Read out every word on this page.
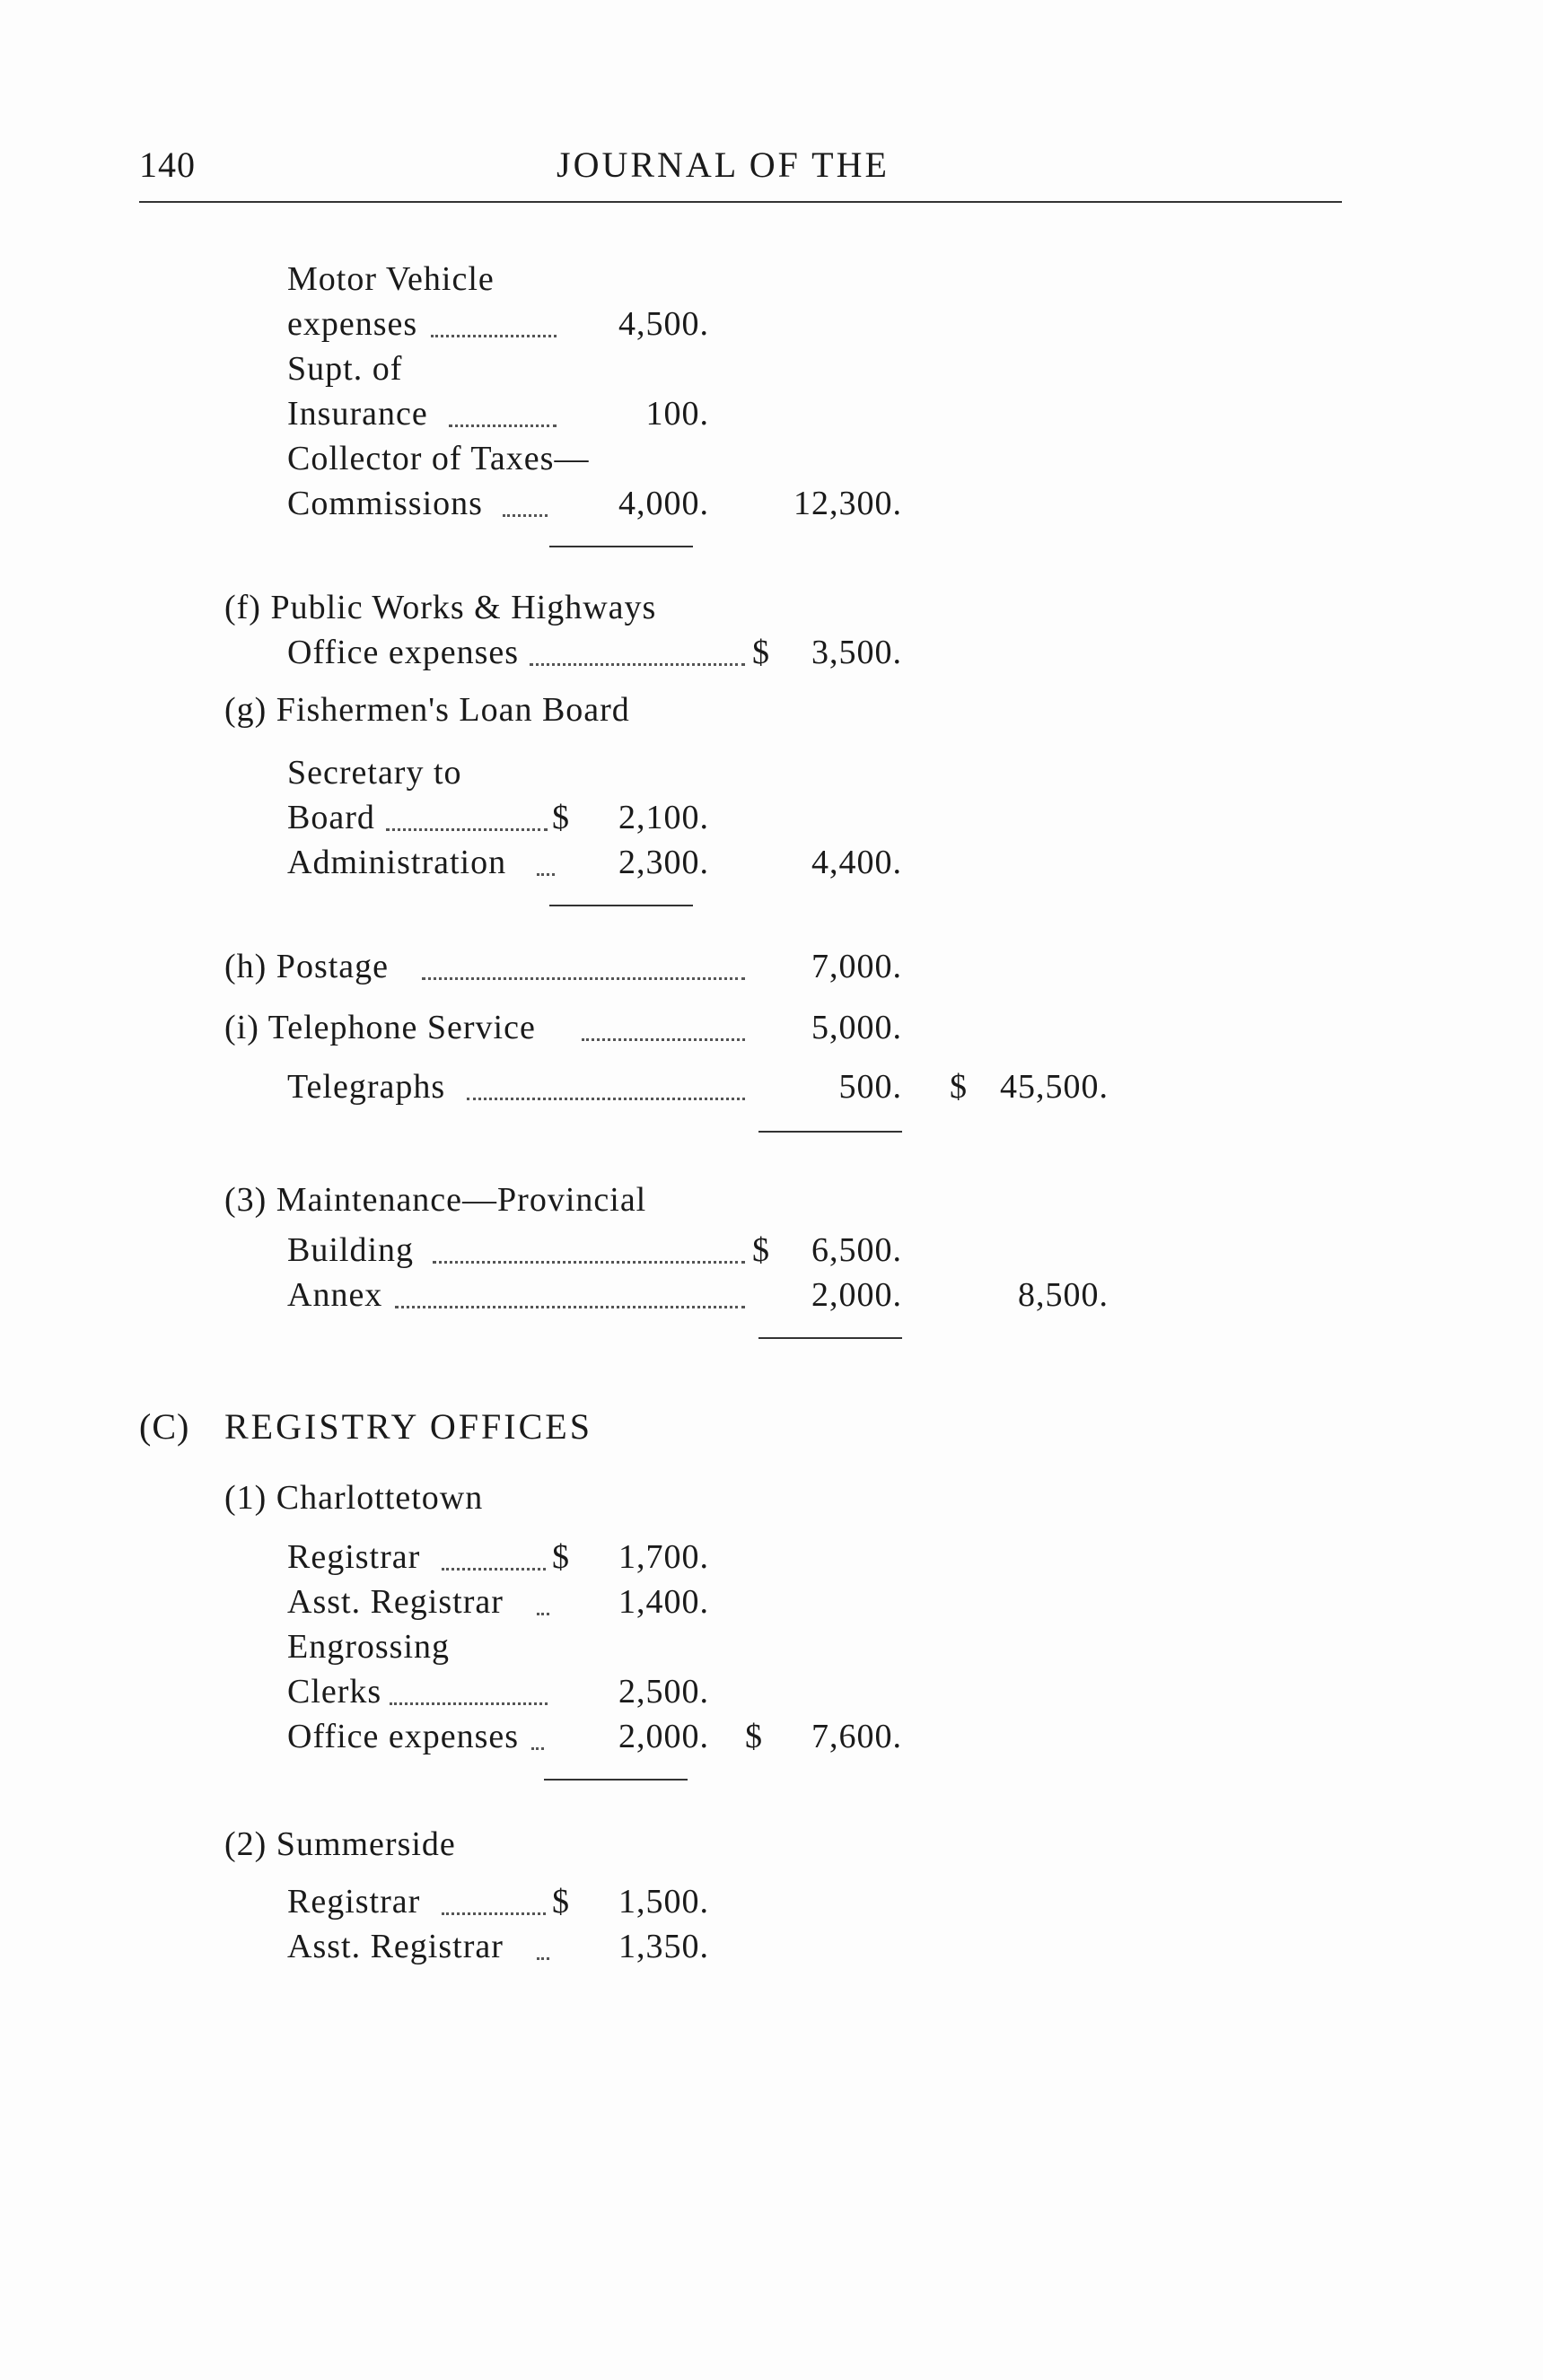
140	JOURNAL OF THE
Motor Vehicle
expenses	4,500.
Supt. of
Insurance	100.
Collector of Taxes—
Commissions	4,000.	12,300.
(f) Public Works & Highways
Office expenses	$	3,500.
(g) Fishermen's Loan Board
Secretary to
Board	$	2,100.
Administration	2,300.	4,400.
(h) Postage	7,000.
(i) Telephone Service	5,000.
Telegraphs	500. $ 45,500.
(3) Maintenance—Provincial
Building	$	6,500.
Annex	2,000.	8,500.
(C) REGISTRY OFFICES
(1) Charlottetown
Registrar	$	1,700.
Asst. Registrar	1,400.
Engrossing
Clerks	2,500.
Office expenses	2,000. $	7,600.
(2) Summerside
Registrar	$	1,500.
Asst. Registrar	1,350.
